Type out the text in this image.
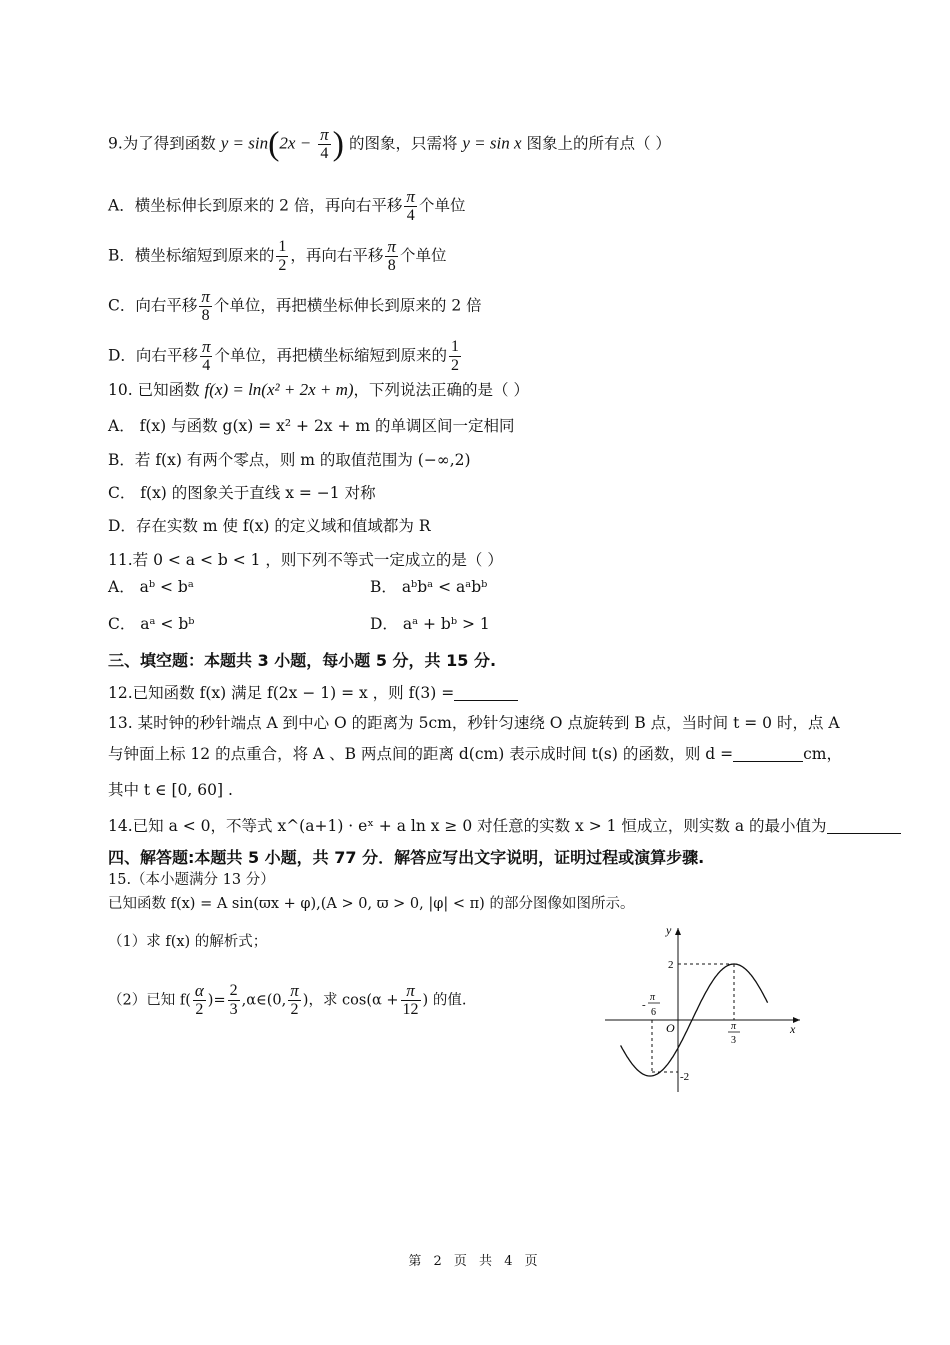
9.为了得到函数 $y = \sin(2x - \frac{\pi}{4}$ ) 的图象，只需将 y = sin x 图象上的所有点（ ）
A．横坐标伸长到原来的 2 倍，再向右平移 $\frac{\pi}{4}$ 个单位
B．横坐标缩短到原来的 $\frac{1}{2}$ ，再向右平移 $\frac{\pi}{8}$ 个单位
C．向右平移 $\frac{\pi}{8}$ 个单位，再把横坐标伸长到原来的 2 倍
D．向右平移 $\frac{\pi}{4}$ 个单位，再把横坐标缩短到原来的 $\frac{1}{2}$
10. 已知函数 f(x) = ln(x² + 2x + m)，下列说法正确的是（ ）
A． f(x) 与函数 g(x) = x² + 2x + m 的单调区间一定相同
B．若 f(x) 有两个零点，则 m 的取值范围为 (−∞,2)
C． f(x) 的图象关于直线 x = −1 对称
D．存在实数 m 使 f(x) 的定义域和值域都为 R
11.若 0 < a < b < 1 ，则下列不等式一定成立的是（ ）
A． aᵇ < bᵃ	B． aᵇbᵃ < aᵃbᵇ
C． aᵃ < bᵇ	D． aᵃ + bᵇ > 1
三、填空题：本题共 3 小题，每小题 5 分，共 15 分.
12.已知函数 f(x) 满足 f(2x − 1) = x ，则 f(3) =
13. 某时钟的秒针端点 A 到中心 O 的距离为 5cm，秒针匀速绕 O 点旋转到 B 点，当时间 t = 0 时，点 A
与钟面上标 12 的点重合，将 A 、B 两点间的距离 d(cm) 表示成时间 t(s) 的函数，则 d =	cm，
其中 t ∈ [0, 60] .
14.已知 a < 0，不等式 x^(a+1) · eˣ + a ln x ≥ 0 对任意的实数 x > 1 恒成立，则实数 a 的最小值为
四、解答题:本题共 5 小题，共 77 分．解答应写出文字说明，证明过程或演算步骤.
15.（本小题满分 13 分）
已知函数 f(x) = A sin(ϖx + φ),(A > 0, ϖ > 0, |φ| < π) 的部分图像如图所示。
（1）求 f(x) 的解析式；
（2）已知 $f( \frac{\alpha}{2}$ )= $\frac{2}{3}$ ,α∈(0, $\frac{\pi}{2}$ )，求 $\cos(\alpha + \frac{\pi}{12}$ ) 的值.
y
x
O
2
-2
-
π
6
π
3
第 2 页 共 4 页
